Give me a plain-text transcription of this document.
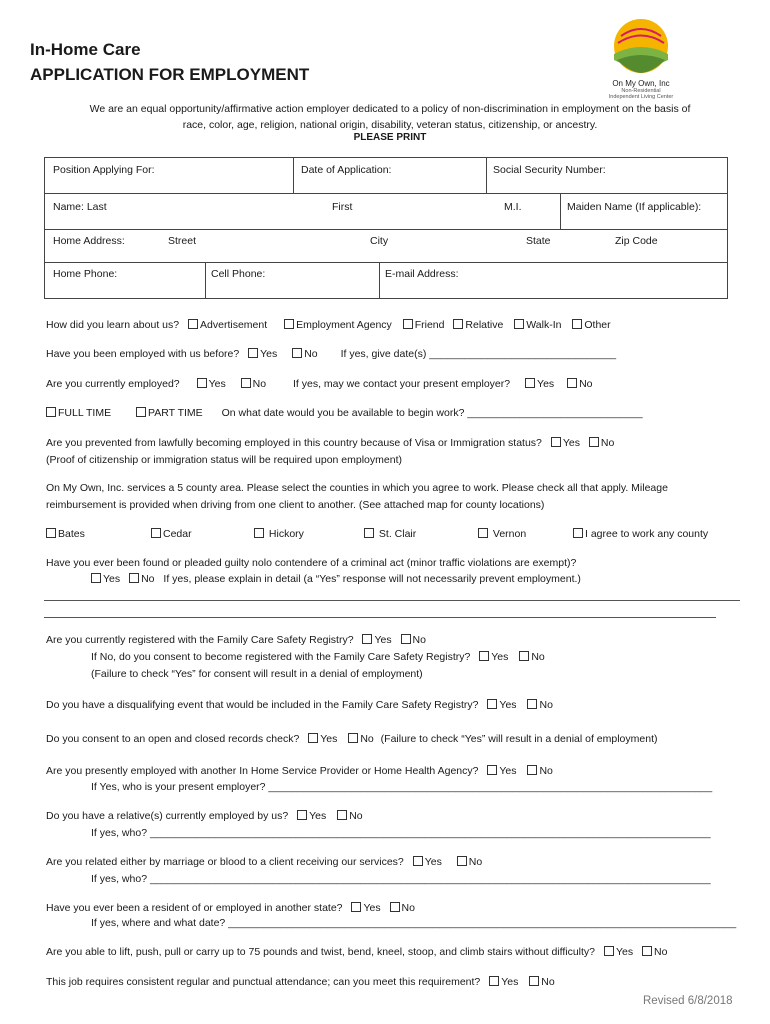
In-Home Care
APPLICATION FOR EMPLOYMENT	On My Own, Inc
Non-Residential
Independent Living Center
We are an equal opportunity/affirmative action employer dedicated to a policy of non-discrimination in employment on the basis of
race, color, age, religion, national origin, disability, veteran status, citizenship, or ancestry.
PLEASE PRINT
Position Applying For:	Date of Application:	Social Security Number:
Name: Last	First	M.I.	Maiden Name (If applicable):
Home Address:	Street	City	State	Zip Code
Home Phone:	Cell Phone:	E-mail Address:
How did you learn about us? Advertisement	Employment Agency Friend Relative Walk-In Other
Have you been employed with us before? Yes	No If yes, give date(s) ________________________________
Are you currently employed?	Yes	No	If yes, may we contact your present employer?	Yes No
FULL TIME	PART TIME On what date would you be available to begin work? ______________________________
Are you prevented from lawfully becoming employed in this country because of Visa or Immigration status? Yes No
(Proof of citizenship or immigration status will be required upon employment)
On My Own, Inc. services a 5 county area. Please select the counties in which you agree to work. Please check all that apply. Mileage
reimbursement is provided when driving from one client to another. (See attached map for county locations)
Bates	Cedar	Hickory	St. Clair	Vernon	I agree to work any county
Have you ever been found or pleaded guilty nolo contendere of a criminal act (minor traffic violations are exempt)?
Yes No If yes, please explain in detail (a “Yes” response will not necessarily prevent employment.)
Are you currently registered with the Family Care Safety Registry? Yes No
If No, do you consent to become registered with the Family Care Safety Registry? Yes No
(Failure to check “Yes” for consent will result in a denial of employment)
Do you have a disqualifying event that would be included in the Family Care Safety Registry? Yes No
Do you consent to an open and closed records check? Yes No (Failure to check “Yes” will result in a denial of employment)
Are you presently employed with another In Home Service Provider or Home Health Agency? Yes No
If Yes, who is your present employer? ____________________________________________________________________________
Do you have a relative(s) currently employed by us? Yes No
If yes, who? ________________________________________________________________________________________________
Are you related either by marriage or blood to a client receiving our services? Yes	No
If yes, who? ________________________________________________________________________________________________
Have you ever been a resident of or employed in another state? Yes No
If yes, where and what date? _______________________________________________________________________________________
Are you able to lift, push, pull or carry up to 75 pounds and twist, bend, kneel, stoop, and climb stairs without difficulty? Yes No
This job requires consistent regular and punctual attendance; can you meet this requirement? Yes No
Revised 6/8/2018
